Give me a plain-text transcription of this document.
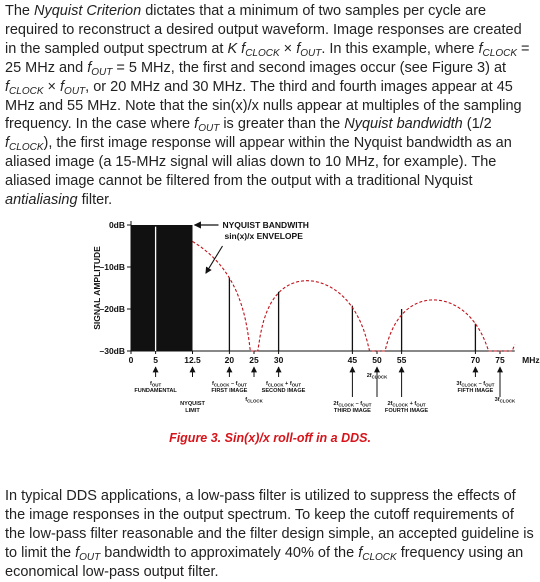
The Nyquist Criterion dictates that a minimum of two samples per cycle are required to reconstruct a desired output waveform. Image responses are created in the sampled output spectrum at K $f_{CLOCK} \times f_{OUT}$. In this example, where $f_{CLOCK} = 25$ MHz and $f_{OUT} = 5$ MHz, the first and second images occur (see Figure 3) at $f_{CLOCK} \times f_{OUT}$, or 20 MHz and 30 MHz. The third and fourth images appear at 45 MHz and 55 MHz. Note that the sin(x)/x nulls appear at multiples of the sampling frequency. In the case where $f_{OUT}$ is greater than the Nyquist bandwidth (1/2 $f_{CLOCK}$), the first image response will appear within the Nyquist bandwidth as an aliased image (a 15-MHz signal will alias down to 10 MHz, for example). The aliased image cannot be filtered from the output with a traditional Nyquist antialiasing filter.

0dB
–10dB
–20dB
–30dB
SIGNAL AMPLITUDE
0 5	12.5	20 25 30	45 50 55	70 75 MHz
NYQUIST BANDWITH
sin(x)/x ENVELOPE
$f_{OUT}$
FUNDAMENTAL
$f_{CLOCK} - f_{OUT}$
FIRST IMAGE
NYQUIST
LIMIT
$f_{CLOCK}$
$f_{CLOCK} + f_{OUT}$
SECOND IMAGE
$2f_{CLOCK} - f_{OUT}$
THIRD IMAGE
$2f_{CLOCK}$
$2f_{CLOCK} + f_{OUT}$
FOURTH IMAGE
$3f_{CLOCK} - f_{OUT}$
FIFTH IMAGE
$3f_{CLOCK}$
Figure 3. Sin(x)/x roll-off in a DDS.

In typical DDS applications, a low-pass filter is utilized to suppress the effects of the image responses in the output spectrum. To keep the cutoff requirements of the low-pass filter reasonable and the filter design simple, an accepted guideline is to limit the $f_{OUT}$ bandwidth to approximately 40% of the $f_{CLOCK}$ frequency using an economical low-pass output filter.
